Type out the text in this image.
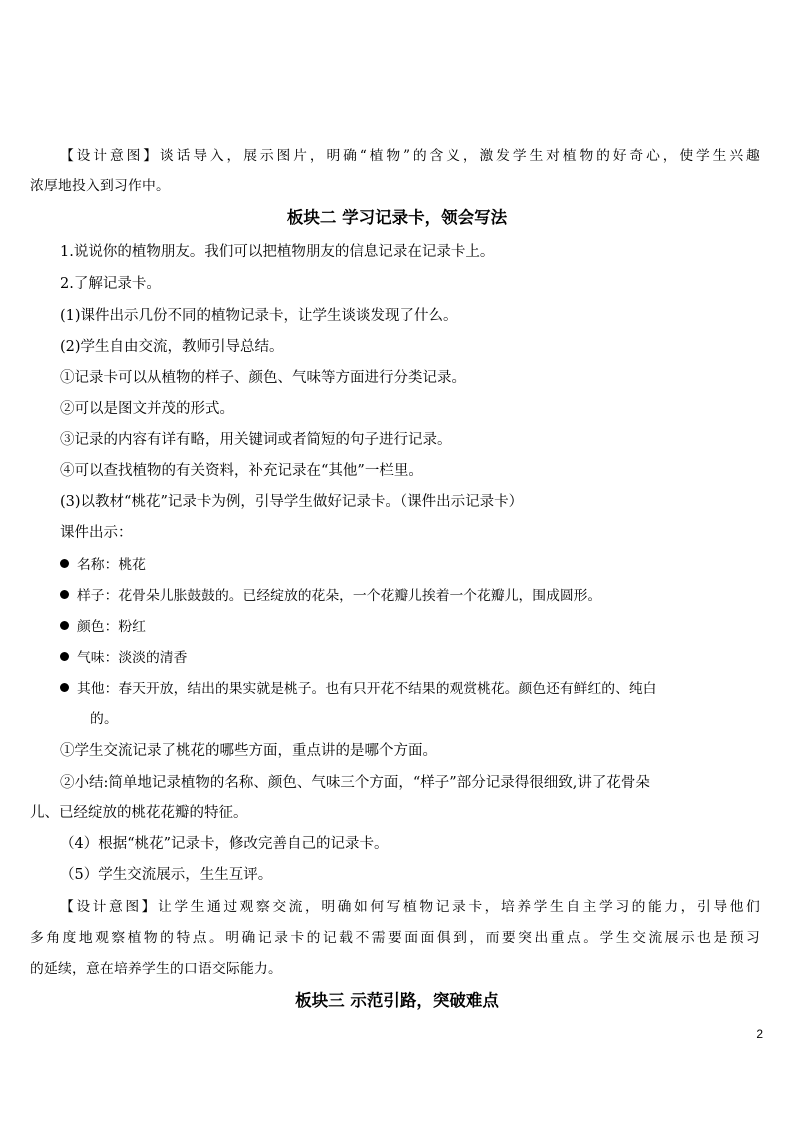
【设计意图】谈话导入，展示图片，明确“植物”的含义，激发学生对植物的好奇心，使学生兴趣
浓厚地投入到习作中。
板块二 学习记录卡，领会写法
1.说说你的植物朋友。我们可以把植物朋友的信息记录在记录卡上。
2.了解记录卡。
(1)课件出示几份不同的植物记录卡，让学生谈谈发现了什么。
(2)学生自由交流，教师引导总结。
①记录卡可以从植物的样子、颜色、气味等方面进行分类记录。
②可以是图文并茂的形式。
③记录的内容有详有略，用关键词或者简短的句子进行记录。
④可以查找植物的有关资料，补充记录在“其他”一栏里。
(3)以教材“桃花”记录卡为例，引导学生做好记录卡。（课件出示记录卡）
课件出示：
名称：桃花
样子：花骨朵儿胀鼓鼓的。已经绽放的花朵，一个花瓣儿挨着一个花瓣儿，围成圆形。
颜色：粉红
气味：淡淡的清香
其他：春天开放，结出的果实就是桃子。也有只开花不结果的观赏桃花。颜色还有鲜红的、纯白
的。
①学生交流记录了桃花的哪些方面，重点讲的是哪个方面。
②小结:简单地记录植物的名称、颜色、气味三个方面，“样子”部分记录得很细致,讲了花骨朵
儿、已经绽放的桃花花瓣的特征。
（4）根据“桃花”记录卡，修改完善自己的记录卡。
（5）学生交流展示，生生互评。
【设计意图】让学生通过观察交流，明确如何写植物记录卡，培养学生自主学习的能力，引导他们
多角度地观察植物的特点。明确记录卡的记载不需要面面俱到，而要突出重点。学生交流展示也是预习
的延续，意在培养学生的口语交际能力。
板块三 示范引路，突破难点
2
